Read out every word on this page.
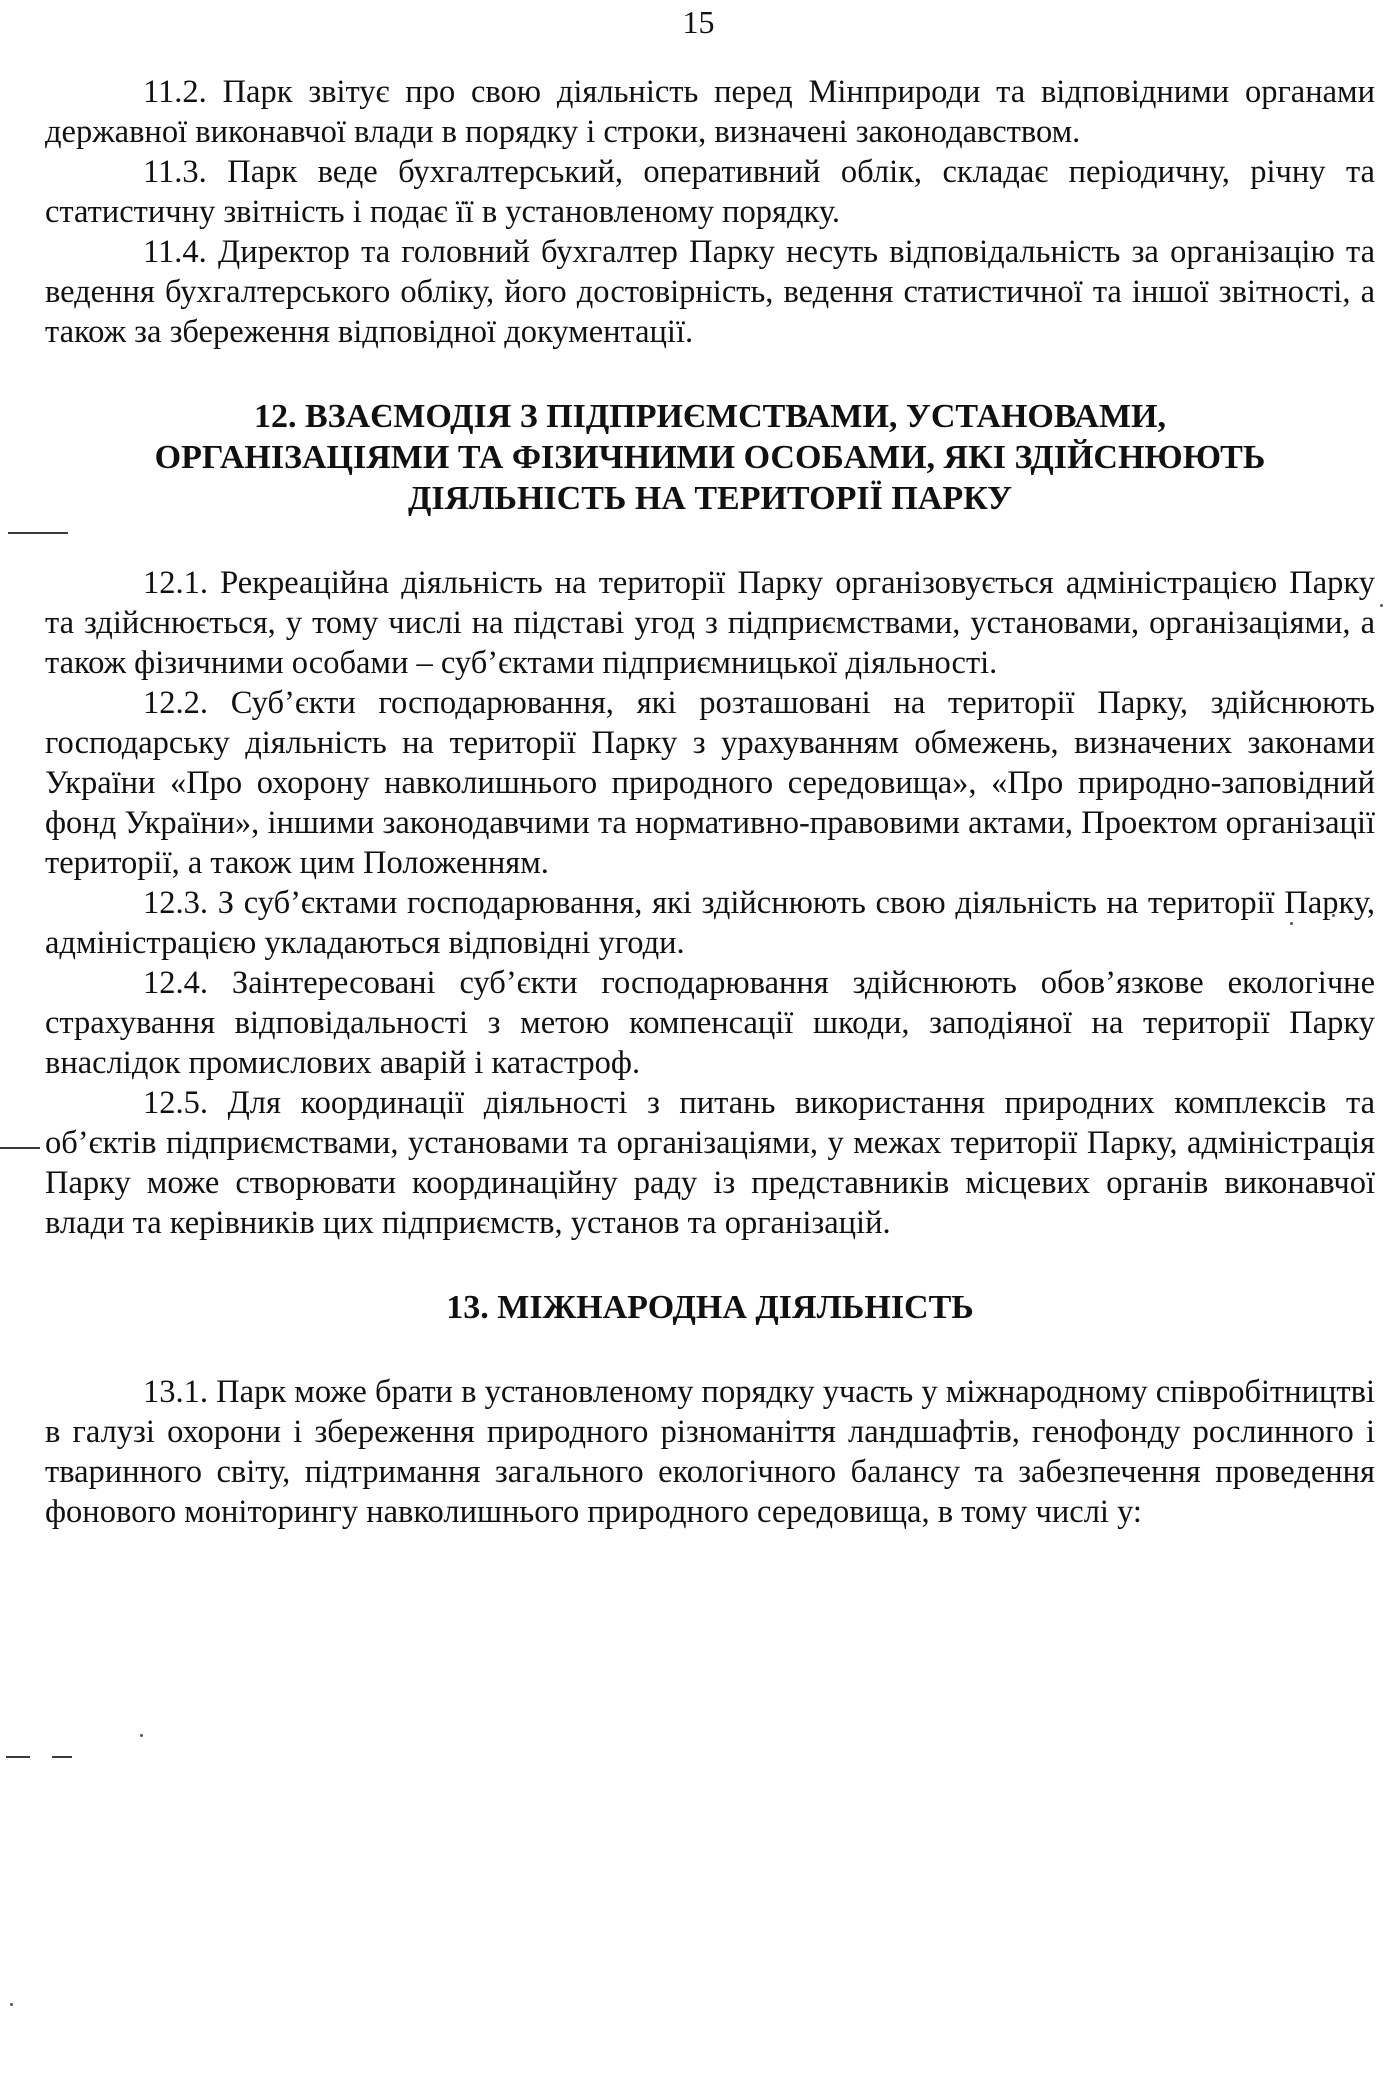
15

11.2. Парк звітує про свою діяльність перед Мінприроди та відповідними органами державної виконавчої влади в порядку і строки, визначені законодавством.

11.3. Парк веде бухгалтерський, оперативний облік, складає періодичну, річну та статистичну звітність і подає її в установленому порядку.

11.4. Директор та головний бухгалтер Парку несуть відповідальність за організацію та ведення бухгалтерського обліку, його достовірність, ведення статистичної та іншої звітності, а також за збереження відповідної документації.

12. ВЗАЄМОДІЯ З ПІДПРИЄМСТВАМИ, УСТАНОВАМИ,
ОРГАНІЗАЦІЯМИ ТА ФІЗИЧНИМИ ОСОБАМИ, ЯКІ ЗДІЙСНЮЮТЬ
ДІЯЛЬНІСТЬ НА ТЕРИТОРІЇ ПАРКУ

12.1. Рекреаційна діяльність на території Парку організовується адміністрацією Парку та здійснюється, у тому числі на підставі угод з підприємствами, установами, організаціями, а також фізичними особами – суб’єктами підприємницької діяльності.

12.2. Суб’єкти господарювання, які розташовані на території Парку, здійснюють господарську діяльність на території Парку з урахуванням обмежень, визначених законами України «Про охорону навколишнього природного середовища», «Про природно-заповідний фонд України», іншими законодавчими та нормативно-правовими актами, Проектом організації території, а також цим Положенням.

12.3. З суб’єктами господарювання, які здійснюють свою діяльність на території Парку, адміністрацією укладаються відповідні угоди.

12.4. Заінтересовані суб’єкти господарювання здійснюють обов’язкове екологічне страхування відповідальності з метою компенсації шкоди, заподіяної на території Парку внаслідок промислових аварій і катастроф.

12.5. Для координації діяльності з питань використання природних комплексів та об’єктів підприємствами, установами та організаціями, у межах території Парку, адміністрація Парку може створювати координаційну раду із представників місцевих органів виконавчої влади та керівників цих підприємств, установ та організацій.

13. МІЖНАРОДНА ДІЯЛЬНІСТЬ

13.1. Парк може брати в установленому порядку участь у міжнародному співробітництві в галузі охорони і збереження природного різноманіття ландшафтів, генофонду рослинного і тваринного світу, підтримання загального екологічного балансу та забезпечення проведення фонового моніторингу навколишнього природного середовища, в тому числі у:
